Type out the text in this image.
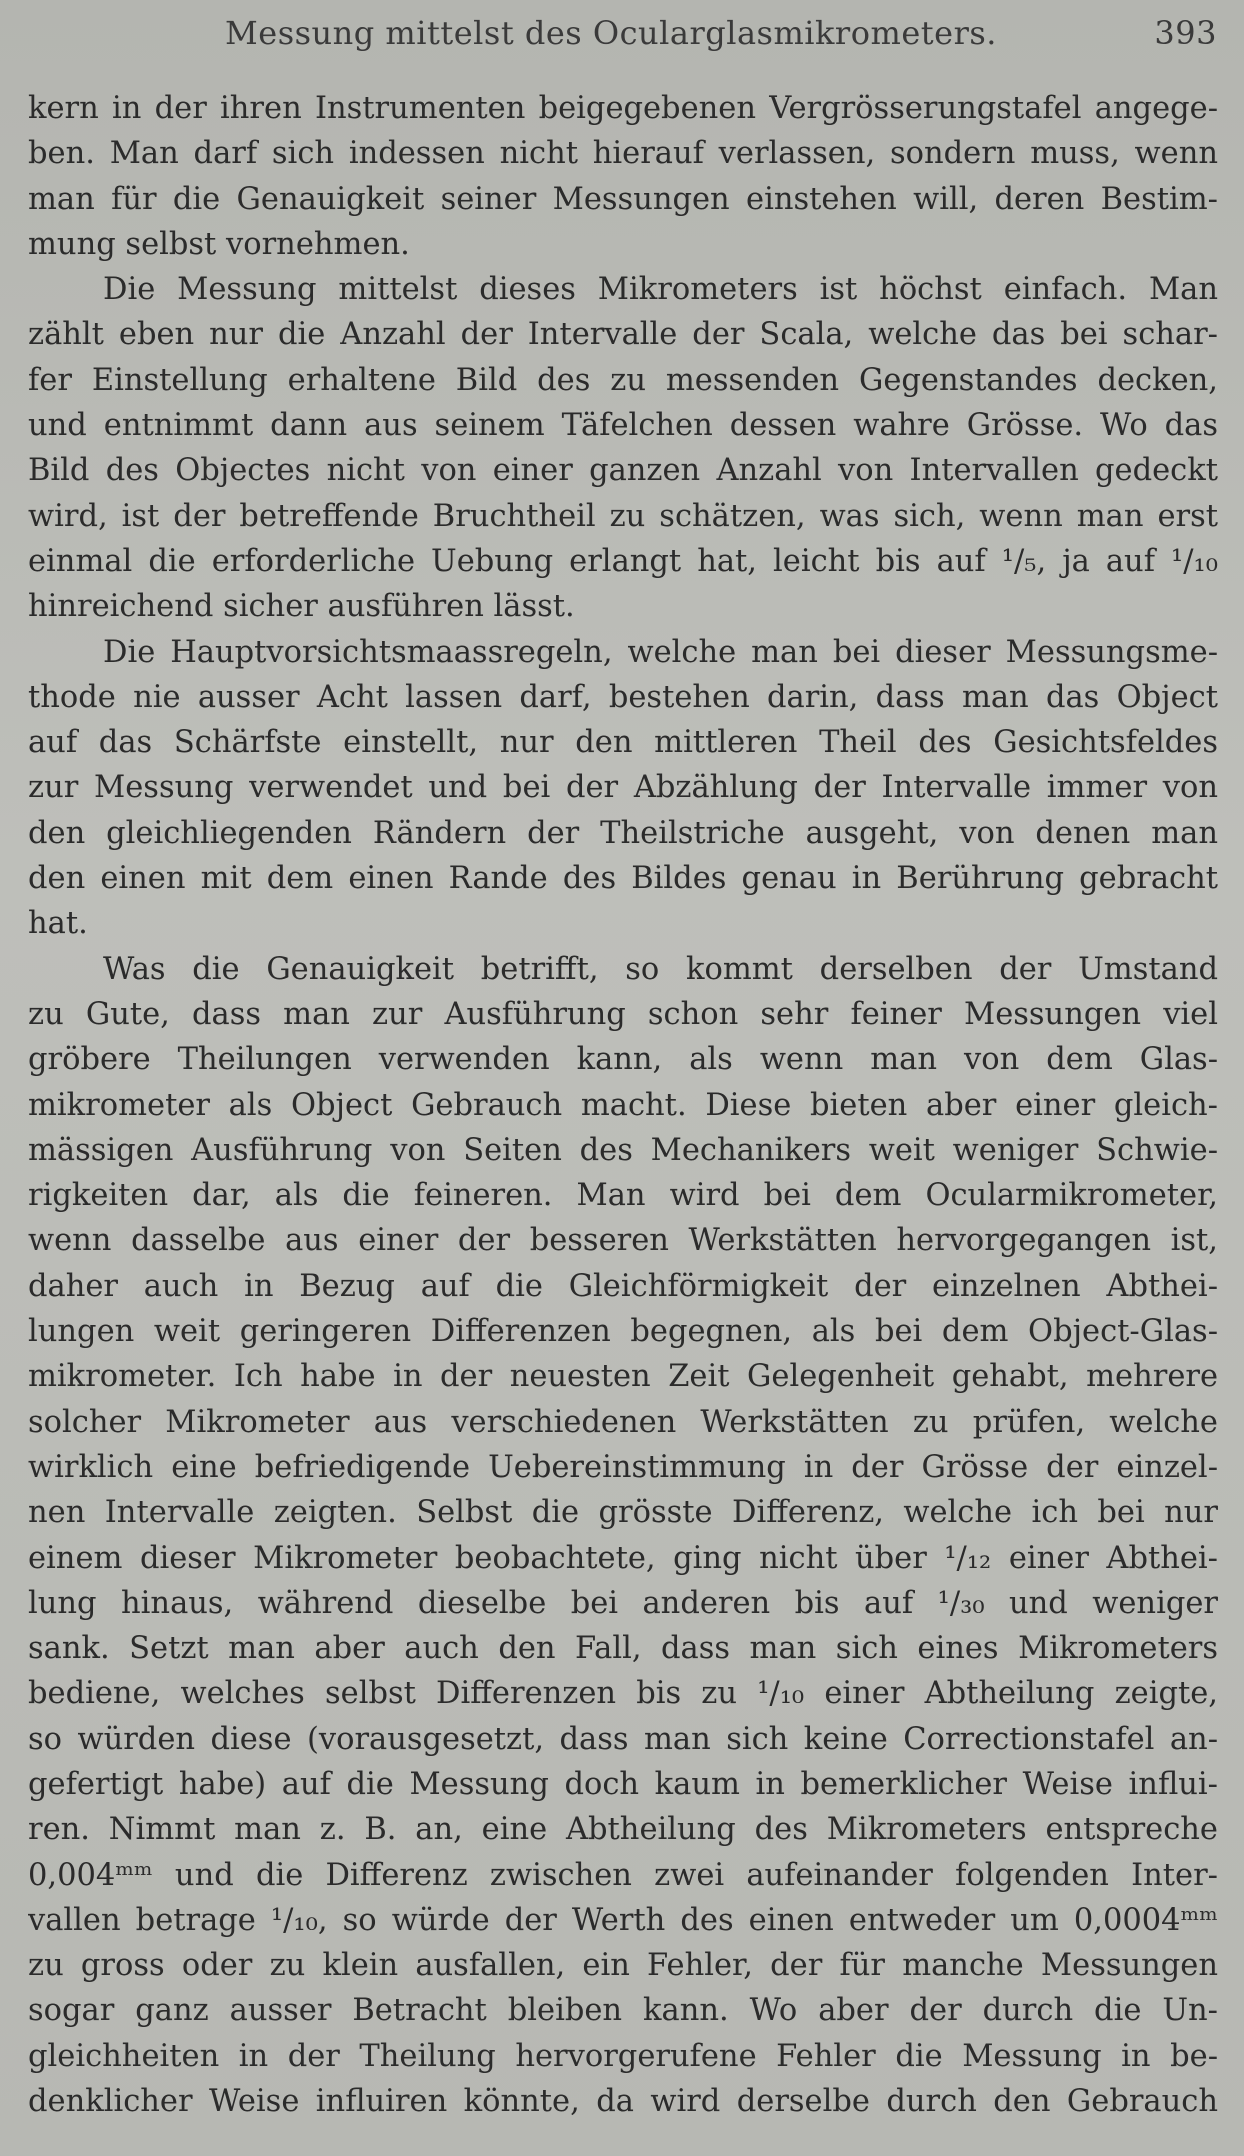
Messung mittelst des Ocularglasmikrometers.	393
kern in der ihren Instrumenten beigegebenen Vergrösserungstafel angege-
ben. Man darf sich indessen nicht hierauf verlassen, sondern muss, wenn
man für die Genauigkeit seiner Messungen einstehen will, deren Bestim-
mung selbst vornehmen.
Die Messung mittelst dieses Mikrometers ist höchst einfach. Man
zählt eben nur die Anzahl der Intervalle der Scala, welche das bei schar-
fer Einstellung erhaltene Bild des zu messenden Gegenstandes decken,
und entnimmt dann aus seinem Täfelchen dessen wahre Grösse. Wo das
Bild des Objectes nicht von einer ganzen Anzahl von Intervallen gedeckt
wird, ist der betreffende Bruchtheil zu schätzen, was sich, wenn man erst
einmal die erforderliche Uebung erlangt hat, leicht bis auf ¹/₅, ja auf ¹/₁₀
hinreichend sicher ausführen lässt.
Die Hauptvorsichtsmaassregeln, welche man bei dieser Messungsme-
thode nie ausser Acht lassen darf, bestehen darin, dass man das Object
auf das Schärfste einstellt, nur den mittleren Theil des Gesichtsfeldes
zur Messung verwendet und bei der Abzählung der Intervalle immer von
den gleichliegenden Rändern der Theilstriche ausgeht, von denen man
den einen mit dem einen Rande des Bildes genau in Berührung gebracht
hat.
Was die Genauigkeit betrifft, so kommt derselben der Umstand
zu Gute, dass man zur Ausführung schon sehr feiner Messungen viel
gröbere Theilungen verwenden kann, als wenn man von dem Glas-
mikrometer als Object Gebrauch macht. Diese bieten aber einer gleich-
mässigen Ausführung von Seiten des Mechanikers weit weniger Schwie-
rigkeiten dar, als die feineren. Man wird bei dem Ocularmikrometer,
wenn dasselbe aus einer der besseren Werkstätten hervorgegangen ist,
daher auch in Bezug auf die Gleichförmigkeit der einzelnen Abthei-
lungen weit geringeren Differenzen begegnen, als bei dem Object-Glas-
mikrometer. Ich habe in der neuesten Zeit Gelegenheit gehabt, mehrere
solcher Mikrometer aus verschiedenen Werkstätten zu prüfen, welche
wirklich eine befriedigende Uebereinstimmung in der Grösse der einzel-
nen Intervalle zeigten. Selbst die grösste Differenz, welche ich bei nur
einem dieser Mikrometer beobachtete, ging nicht über ¹/₁₂ einer Abthei-
lung hinaus, während dieselbe bei anderen bis auf ¹/₃₀ und weniger
sank. Setzt man aber auch den Fall, dass man sich eines Mikrometers
bediene, welches selbst Differenzen bis zu ¹/₁₀ einer Abtheilung zeigte,
so würden diese (vorausgesetzt, dass man sich keine Correctionstafel an-
gefertigt habe) auf die Messung doch kaum in bemerklicher Weise influi-
ren. Nimmt man z. B. an, eine Abtheilung des Mikrometers entspreche
0,004ᵐᵐ und die Differenz zwischen zwei aufeinander folgenden Inter-
vallen betrage ¹/₁₀, so würde der Werth des einen entweder um 0,0004ᵐᵐ
zu gross oder zu klein ausfallen, ein Fehler, der für manche Messungen
sogar ganz ausser Betracht bleiben kann. Wo aber der durch die Un-
gleichheiten in der Theilung hervorgerufene Fehler die Messung in be-
denklicher Weise influiren könnte, da wird derselbe durch den Gebrauch
